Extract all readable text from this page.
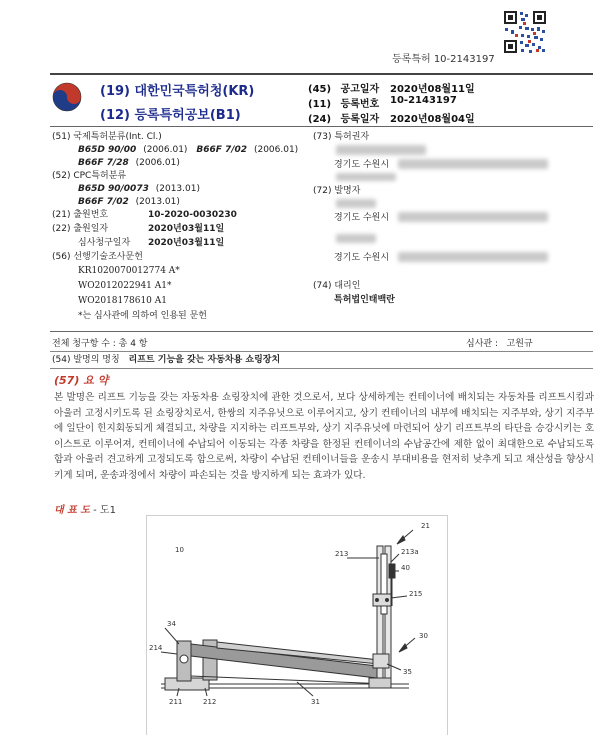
등록특허 10-2143197
(19) 대한민국특허청(KR)
(12) 등록특허공보(B1)
(45) 공고일자 2020년08월11일
(11) 등록번호 10-2143197
(24) 등록일자 2020년08월04일
(51) 국제특허분류(Int. Cl.)
B65D 90/00 (2006.01) B66F 7/02 (2006.01)
B66F 7/28 (2006.01)
(52) CPC특허분류
B65D 90/0073 (2013.01)
B66F 7/02 (2013.01)
(21) 출원번호	10-2020-0030230
(22) 출원일자	2020년03월11일
심사청구일자 2020년03월11일
(56) 선행기술조사문헌
KR1020070012774 A*
WO2012022941 A1*
WO2018178610 A1
*는 심사관에 의하여 인용된 문헌
(73) 특허권자
경기도 수원시
(72) 발명자
경기도 수원시
경기도 수원시
(74) 대리인
특허법인태백란
전체 청구항 수 : 총 4 항	심사관 :   고원규
(54) 발명의 명칭 리프트 기능을 갖는 자동차용 쇼링장치
(57) 요 약
본 발명은 리프트 기능을 갖는 자동차용 쇼링장치에 관한 것으로서, 보다 상세하게는 컨테이너에 배치되는 자동차를 리프트시킴과 아울러 고정시키도록 된 쇼링장치로서, 한쌍의 지주유닛으로 이루어지고, 상기 컨테이너의 내부에 배치되는 지주부와, 상기 지주부에 일단이 힌지회동되게 체결되고, 차량을 지지하는 리프트부와, 상기 지주유닛에 마련되어 상기 리프트부의 타단을 승강시키는 호이스트로 이루어져, 컨테이너에 수납되어 이동되는 각종 차량을 한정된 컨테이너의 수납공간에 제한 없이 최대한으로 수납되도록 함과 아울러 견고하게 고정되도록 함으로써, 차량이 수납된 컨테이너들을 운송시 부대비용을 현저히 낮추게 되고 채산성을 향상시키게 되며, 운송과정에서 차량이 파손되는 것을 방지하게 되는 효과가 있다.
대 표 도 - 도1
10
21
213	213a
40
215
30
34
214
35
211	212	31
